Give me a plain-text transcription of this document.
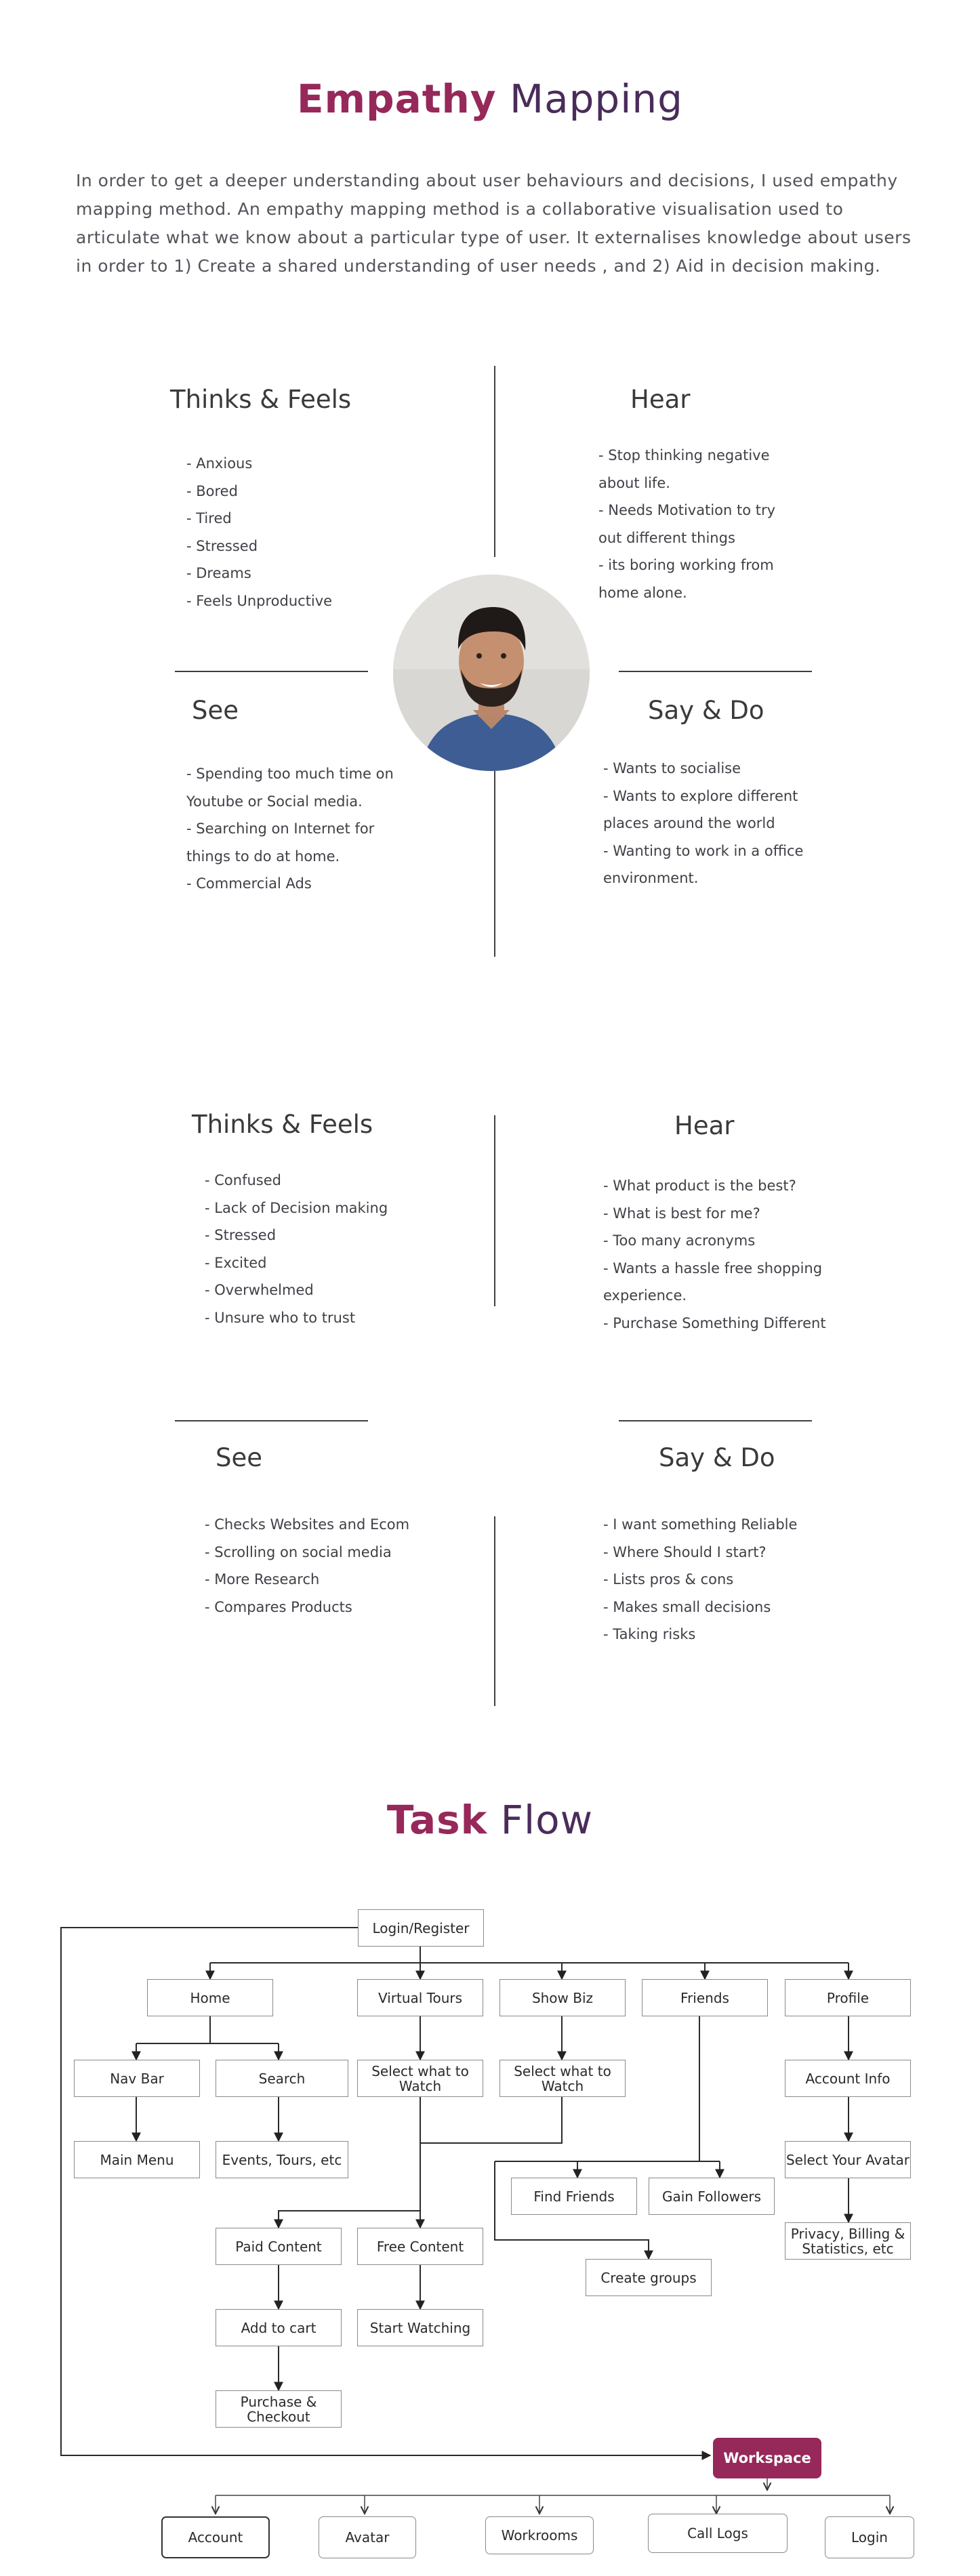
Empathy Mapping

In order to get a deeper understanding about user behaviours and decisions, I used empathy mapping method. An empathy mapping method is a collaborative visualisation used to articulate what we know about a particular type of user. It externalises knowledge about users in order to 1) Create a shared understanding of user needs , and 2) Aid in decision making.

Thinks & Feels
- Anxious
- Bored
- Tired
- Stressed
- Dreams
- Feels Unproductive
Hear
- Stop thinking negative
about life.
- Needs Motivation to try
out different things
- its boring working from
home alone.
See
- Spending too much time on
Youtube or Social media.
- Searching on Internet for
things to do at home.
- Commercial Ads
Say & Do
- Wants to socialise
- Wants to explore different
places around the world
- Wanting to work in a office
environment.
Thinks & Feels
- Confused
- Lack of Decision making
- Stressed
- Excited
- Overwhelmed
- Unsure who to trust
Hear
- What product is the best?
- What is best for me?
- Too many acronyms
- Wants a hassle free shopping
experience.
- Purchase Something Different
See
- Checks Websites and Ecom
- Scrolling on social media
- More Research
- Compares Products
Say & Do
- I want something Reliable
- Where Should I start?
- Lists pros & cons
- Makes small decisions
- Taking risks
Task Flow
Login/Register
Home	Virtual Tours	Show Biz	Friends	Profile
Nav Bar	Search	Select what to Watch
Select what to Watch	Account Info
Main Menu	Events, Tours, etc	Select Your Avatar
Find Friends	Gain Followers
Privacy, Billing & Statistics, etc
Paid Content	Free Content
Create groups
Add to cart	Start Watching
Purchase & Checkout
Workspace
Account	Avatar	Workrooms	Call Logs	Login
